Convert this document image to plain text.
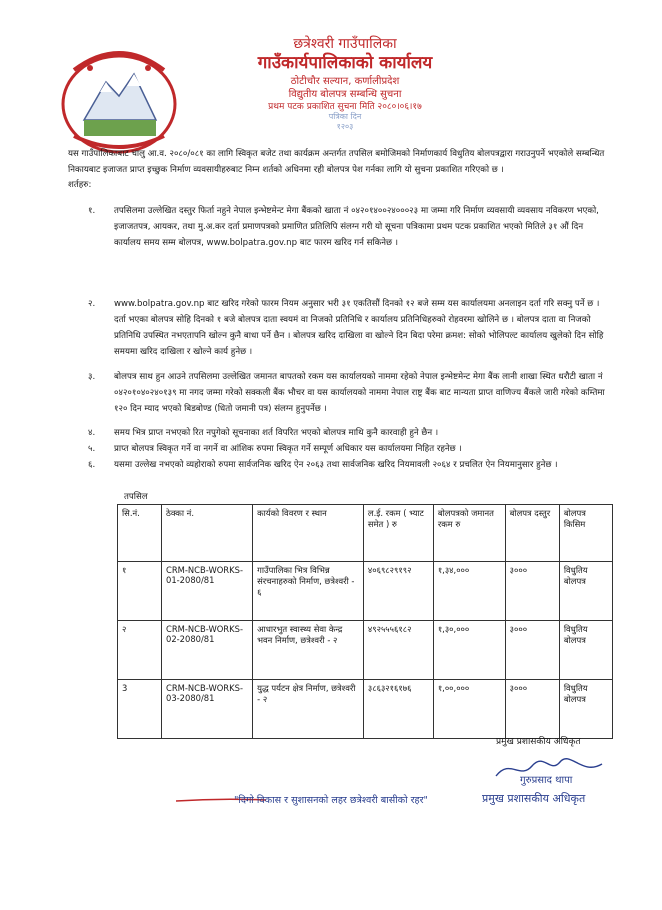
छत्रेश्वरी गाउँपालिका
गाउँकार्यपालिकाको कार्यालय
ठोटीचौर सल्यान, कर्णालीप्रदेश
विद्युतीय बोलपत्र सम्बन्धि सुचना
प्रथम पटक प्रकाशित सुचना मिति २०८०।०६।१७
पत्रिका दिन
१२०३
यस गाउँपालिकाबाट चालु आ.व. २०८०/०८१ का लागि स्विकृत बजेट तथा कार्यक्रम अन्तर्गत तपसिल बमोजिमको निर्माणकार्य विधुतिय बोलपत्रद्वारा गराउनुपर्ने भएकोले सम्बन्धित निकायबाट इजाजत प्राप्त इच्छुक निर्माण व्यवसायीहरुबाट निम्न शर्तको अधिनमा रही बोलपत्र पेश गर्नका लागि यो सुचना प्रकाशित गरिएको छ ।
शर्तहरु:
१. तपसिलमा उल्लेखित दस्तुर फिर्ता नहुने नेपाल इन्भेष्टमेन्ट मेगा बैंकको खाता नं ०४२०१४००२४०००२३ मा जम्मा गरि निर्माण व्यवसायी व्यवसाय नविकरण भएको, इजाजतपत्र, आयकर, तथा मु.अ.कर दर्ता प्रमाणपत्रको प्रमाणित प्रतिलिपि संलग्न गरी यो सूचना पत्रिकामा प्रथम पटक प्रकाशित भएको मितिले ३१ औं दिन कार्यालय समय सम्म बोलपत्र, www.bolpatra.gov.np बाट फारम खरिद गर्न सकिनेछ ।
२. www.bolpatra.gov.np बाट खरिद गरेको फारम नियम अनुसार भरी ३१ एकतिसौं दिनको १२ बजे सम्म यस कार्यालयमा अनलाइन दर्ता गरि सक्नु पर्ने छ । दर्ता भएका बोलपत्र सोहि दिनको १ बजे बोलपत्र दाता स्वयमं वा निजको प्रतिनिधि र कार्यालय प्रतिनिधिहरुको रोहवरमा खोलिने छ । बोलपत्र दाता वा निजको प्रतिनिधि उपस्थित नभएतापनि खोल्न कुनै बाधा पर्ने छैन । बोलपत्र खरिद दाखिला वा खोल्ने दिन बिदा परेमा क्रमश: सोको भोलिपल्ट कार्यालय खुलेको दिन सोहि समयमा खरिद दाखिला र खोल्ने कार्य हुनेछ ।
३. बोलपत्र साथ हुन आउने तपसिलमा उल्लेखित जमानत बापतको रकम यस कार्यालयको नाममा रहेको नेपाल इन्भेष्टमेन्ट मेगा बैंक लानी शाखा स्थित धरौटी खाता नं ०४२०१०४०२४०१३९ मा नगद जम्मा गरेको सक्कली बैंक भौचर वा यस कार्यालयको नाममा नेपाल राष्ट्र बैंक बाट मान्यता प्राप्त वाणिज्य बैंकले जारी गरेको कम्तिमा १२० दिन म्याद भएको बिडबोण्ड (धितो जमानी पत्र) संलग्न हुनुपर्नेछ ।
४. समय भित्र प्राप्त नभएको रित नपुगेको सूचनाका शर्त विपरित भएको बोलपत्र माथि कुनै कारवाही हुने छैन ।
५. प्राप्त बोलपत्र स्विकृत गर्ने वा नगर्ने वा आंशिक रुपमा स्विकृत गर्ने सम्पूर्ण अधिकार यस कार्यालयमा निहित रहनेछ ।
६. यसमा उल्लेख नभएको व्यहोराको रुपमा सार्वजनिक खरिद ऐन २०६३ तथा सार्वजनिक खरिद नियमावली २०६४ र प्रचलित ऐन नियमानुसार हुनेछ ।
तपसिल
सि.नं.	ठेक्का नं.	कार्यको विवरण र स्थान	ल.ई. रकम ( भ्याट समेत ) रु	बोलपत्रको जमानत रकम रु	बोलपत्र दस्तुर	बोलपत्र किसिम
१	CRM-NCB-WORKS-01-2080/81	गाउँपालिका भित्र विभिन्न संरचनाहरुको निर्माण, छत्रेश्वरी - ६	४०६९८२९१९२	१,३४,०००	३०००	विधुतिय बोलपत्र
२	CRM-NCB-WORKS-02-2080/81	आधारभुत स्वास्थ्य सेवा केन्द्र भवन निर्माण, छत्रेश्वरी - २	४९२५५५६१८२	१,३०,०००	३०००	विधुतिय बोलपत्र
3	CRM-NCB-WORKS-03-2080/81	युद्ध पर्यटन क्षेत्र निर्माण, छत्रेश्वरी - २	३८६३२१६१७६	१,००,०००	३०००	विधुतिय बोलपत्र
प्रमुख प्रशासकीय अधिकृत
गुरुप्रसाद थापा
"दिगो विकास र सुशासनको लहर छत्रेश्वरी बासीको रहर"	प्रमुख प्रशासकीय अधिकृत
